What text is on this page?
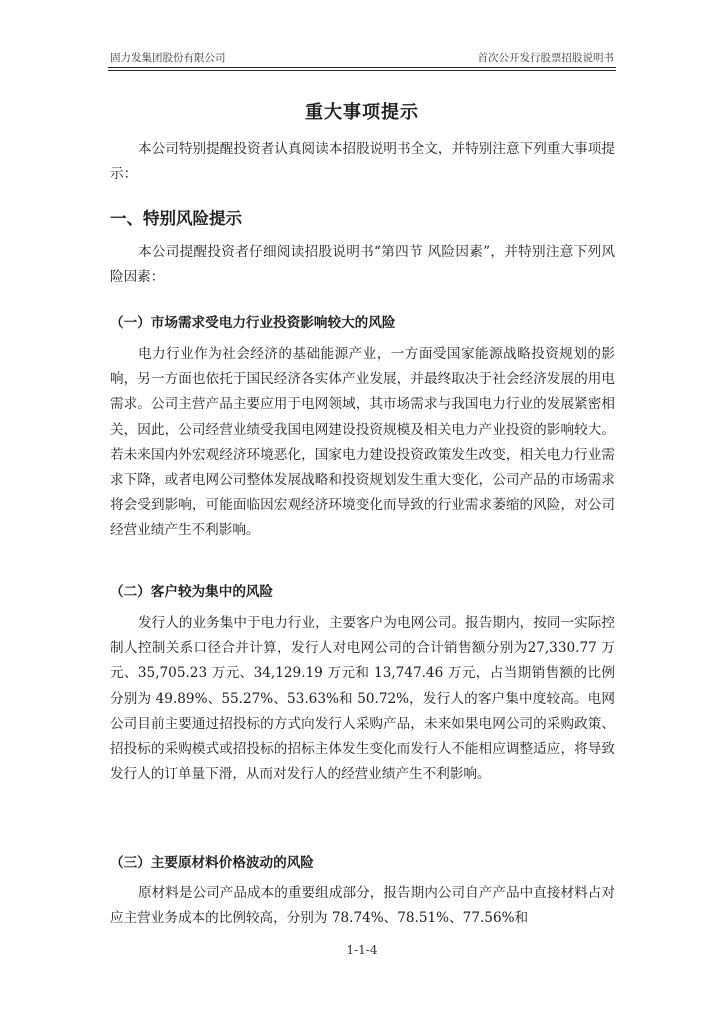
固力发集团股份有限公司	首次公开发行股票招股说明书
重大事项提示

本公司特别提醒投资者认真阅读本招股说明书全文，并特别注意下列重大事项提示：

一、特别风险提示

本公司提醒投资者仔细阅读招股说明书“第四节 风险因素”，并特别注意下列风险因素：

（一）市场需求受电力行业投资影响较大的风险

电力行业作为社会经济的基础能源产业，一方面受国家能源战略投资规划的影响，另一方面也依托于国民经济各实体产业发展，并最终取决于社会经济发展的用电需求。公司主营产品主要应用于电网领域，其市场需求与我国电力行业的发展紧密相关，因此，公司经营业绩受我国电网建设投资规模及相关电力产业投资的影响较大。若未来国内外宏观经济环境恶化，国家电力建设投资政策发生改变，相关电力行业需求下降，或者电网公司整体发展战略和投资规划发生重大变化，公司产品的市场需求将会受到影响，可能面临因宏观经济环境变化而导致的行业需求萎缩的风险，对公司经营业绩产生不利影响。

（二）客户较为集中的风险

发行人的业务集中于电力行业，主要客户为电网公司。报告期内，按同一实际控制人控制关系口径合并计算，发行人对电网公司的合计销售额分别为27,330.77 万元、35,705.23 万元、34,129.19 万元和 13,747.46 万元，占当期销售额的比例分别为 49.89%、55.27%、53.63%和 50.72%，发行人的客户集中度较高。电网公司目前主要通过招投标的方式向发行人采购产品，未来如果电网公司的采购政策、招投标的采购模式或招投标的招标主体发生变化而发行人不能相应调整适应，将导致发行人的订单量下滑，从而对发行人的经营业绩产生不利影响。

（三）主要原材料价格波动的风险

原材料是公司产品成本的重要组成部分，报告期内公司自产产品中直接材料占对应主营业务成本的比例较高，分别为 78.74%、78.51%、77.56%和

1-1-4
